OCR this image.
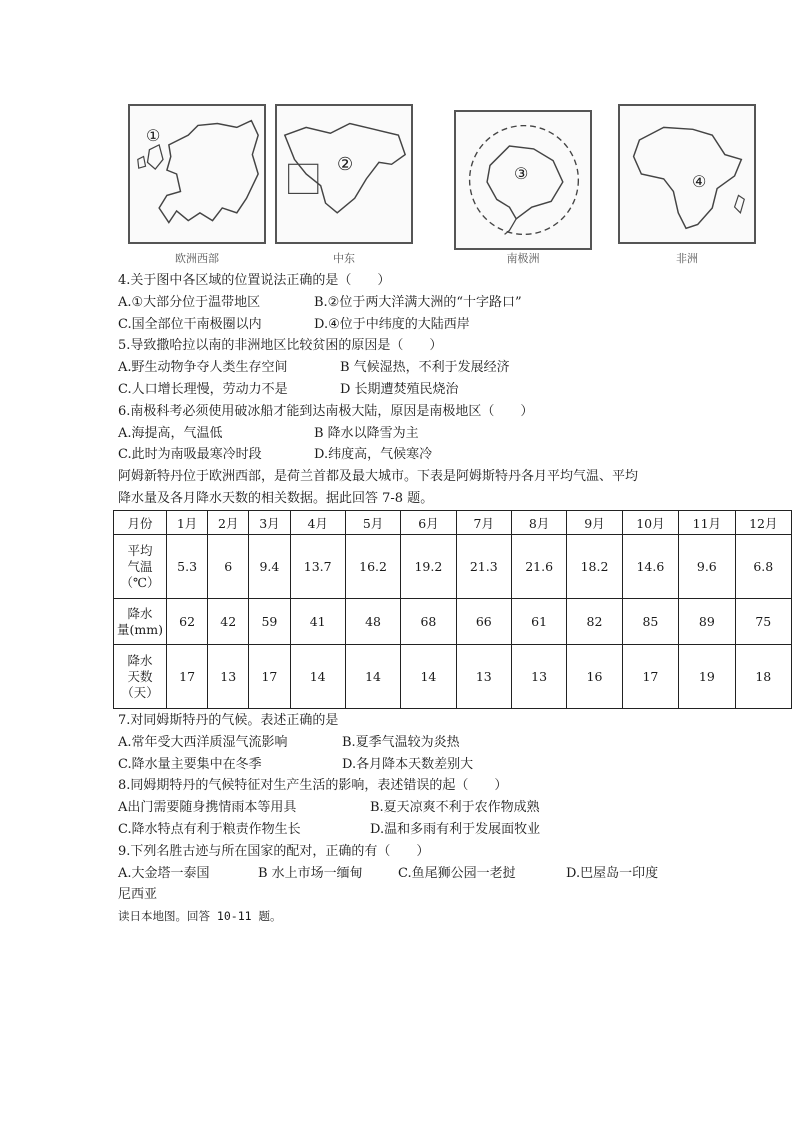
①
②	③	④
欧洲西部	中东	南极洲	非洲
4.关于图中各区域的位置说法正确的是（　　）
A.①大部分位于温带地区	B.②位于两大洋满大洲的“十字路口”
C.国全部位干南极圈以内	D.④位于中纬度的大陆西岸
5.导致撒哈拉以南的非洲地区比较贫困的原因是（　　）
A.野生动物争夺人类生存空间	B 气候湿热，不利于发展经济
C.人口增长理慢，劳动力不是	D 长期遭焚殖民烧治
6.南极科考必须使用破冰船才能到达南极大陆，原因是南极地区（　　）
A.海提高，气温低	B 降水以降雪为主
C.此时为南吸最寒冷时段	D.纬度高，气候寒冷
阿姆新特丹位于欧洲西部，是荷兰首都及最大城市。下表是阿姆斯特丹各月平均气温、平均
降水量及各月降水天数的相关数据。据此回答 7-8 题。
月份	1月	2月	3月	4月	5月	6月	7月	8月	9月	10月	11月	12月

平均
气温
（℃）	5.3	6	9.4	13.7	16.2	19.2	21.3	21.6	18.2	14.6	9.6	6.8

降水
量(mm)	62	42	59	41	48	68	66	61	82	85	89	75

降水
天数
（天）	17	13	17	14	14	14	13	13	16	17	19	18
7.对同姆斯特丹的气候。表述正确的是
A.常年受大西洋质湿气流影响	B.夏季气温较为炎热
C.降水量主要集中在冬季	D.各月降本天数差别大
8.同姆期特丹的气候特征对生产生活的影响，表述错误的起（　　）
A出门需要随身携情雨本等用具	B.夏天凉爽不利于农作物成熟
C.降水特点有利于粮责作物生长	D.温和多雨有利于发展面牧业
9.下列名胜古迹与所在国家的配对，正确的有（　　）
A.大金塔一泰国	B 水上市场一缅甸	C.鱼尾狮公园一老挝	D.巴屋岛一印度
尼西亚
读日本地图。回答 10-11 题。
